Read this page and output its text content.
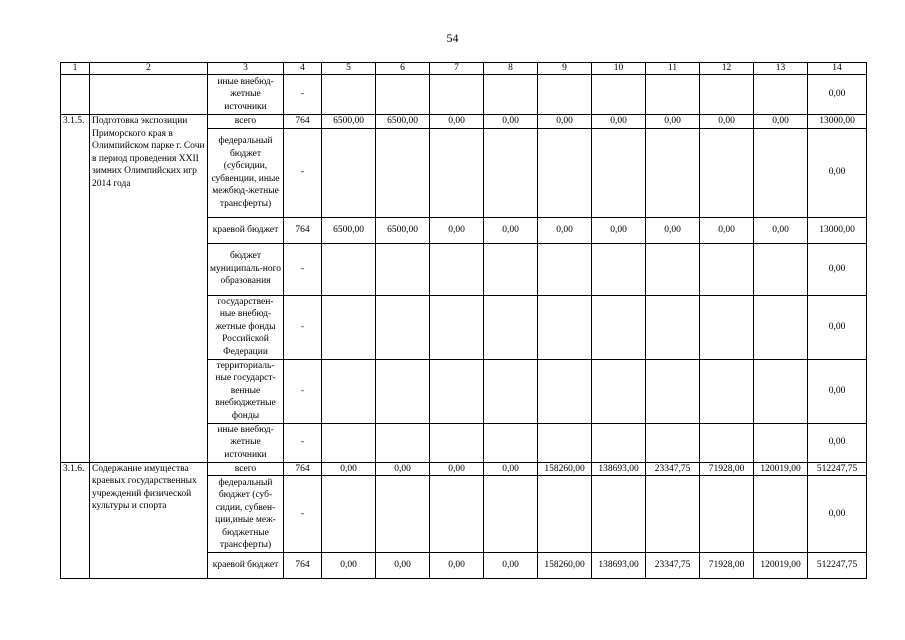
54
1	2	3	4	5	6	7	8	9	10	11	12	13	14
		иные внебюд-жетные источники	-										0,00
3.1.5.	Подготовка экспозиции Приморского края в Олимпийском парке г. Сочи в период проведения XXII зимних Олимпийских игр 2014 года	всего	764	6500,00	6500,00	0,00	0,00	0,00	0,00	0,00	0,00	0,00	13000,00
		федеральный бюджет (субсидии, субвенции, иные межбюд-жетные трансферты)	-										0,00
		краевой бюджет	764	6500,00	6500,00	0,00	0,00	0,00	0,00	0,00	0,00	0,00	13000,00
		бюджет муниципаль-ного образования	-										0,00
		государствен-ные внебюд-жетные фонды Российской Федерации	-										0,00
		территориаль-ные государст-венные внебюджетные фонды	-										0,00
		иные внебюд-жетные источники	-										0,00
3.1.6.	Содержание имущества краевых государственных учреждений физической культуры и спорта	всего	764	0,00	0,00	0,00	0,00	158260,00	138693,00	23347,75	71928,00	120019,00	512247,75
		федеральный бюджет (суб-сидии, субвен-ции,иные меж-бюджетные трансферты)	-										0,00
		краевой бюджет	764	0,00	0,00	0,00	0,00	158260,00	138693,00	23347,75	71928,00	120019,00	512247,75
